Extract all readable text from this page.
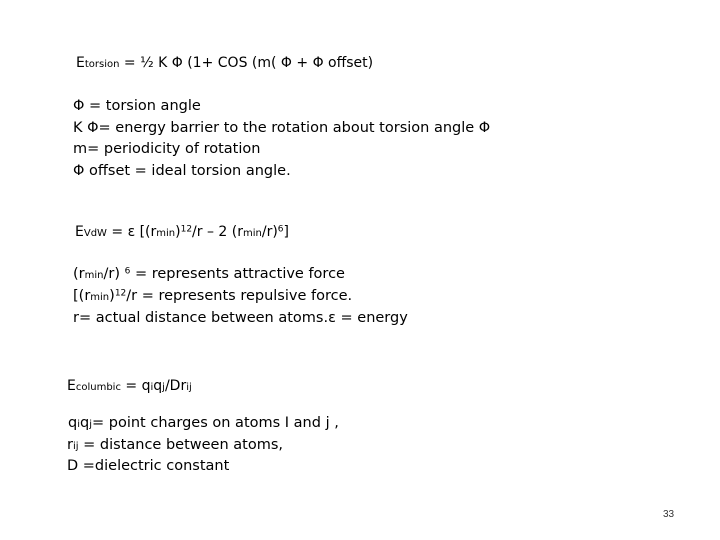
Etorsion = ½ K Φ (1+ COS (m( Φ + Φ offset)
Φ = torsion angle
K Φ= energy barrier to the rotation about torsion angle Φ
m= periodicity of rotation
Φ offset = ideal torsion angle.
EVdW = ε [$(rmin)^{12}/r - 2$ $(rmin/r)^6$]
(rmin/r) $^6$ = represents attractive force
[$(rmin)^{12}/r$ = represents repulsive force.
r= actual distance between atoms.ε = energy
Ecolumbic = qiqj/Drij
qiqj= point charges on atoms I and j ,
rij = distance between atoms,
D =dielectric constant
33
